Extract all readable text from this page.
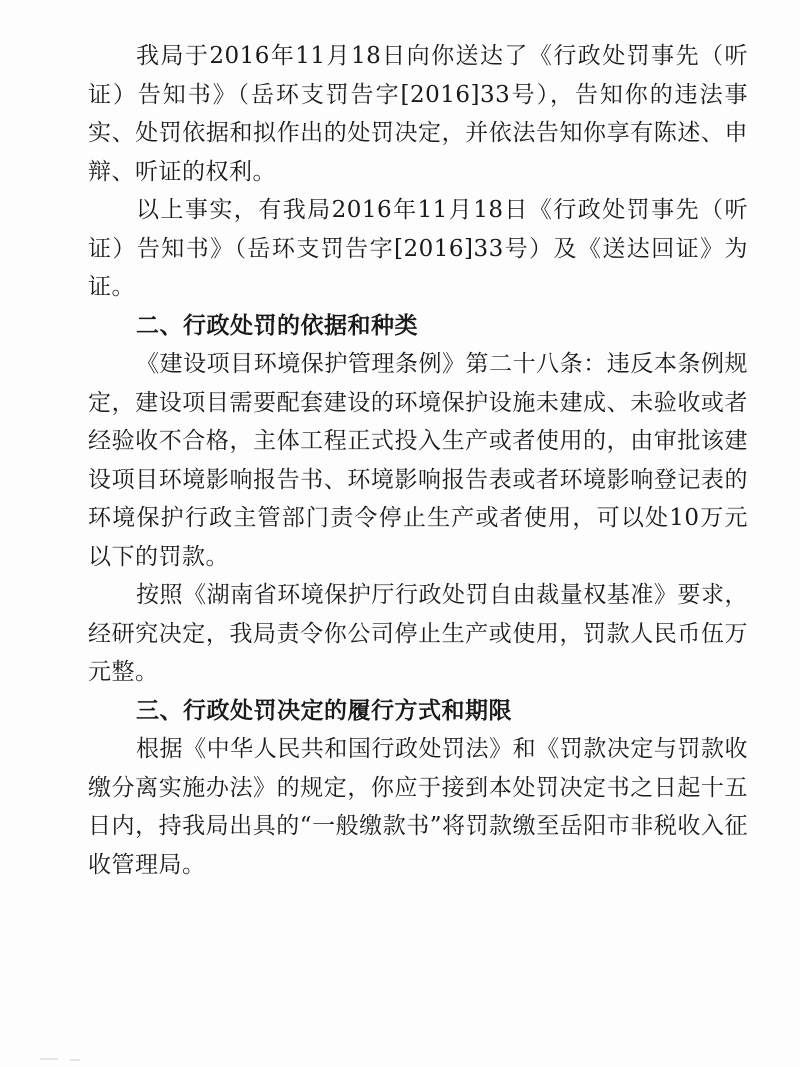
我局于2016年11月18日向你送达了《行政处罚事先（听证）告知书》（岳环支罚告字[2016]33号），告知你的违法事实、处罚依据和拟作出的处罚决定，并依法告知你享有陈述、申辩、听证的权利。

以上事实，有我局2016年11月18日《行政处罚事先（听证）告知书》（岳环支罚告字[2016]33号）及《送达回证》为证。

二、行政处罚的依据和种类

《建设项目环境保护管理条例》第二十八条：违反本条例规定，建设项目需要配套建设的环境保护设施未建成、未验收或者经验收不合格，主体工程正式投入生产或者使用的，由审批该建设项目环境影响报告书、环境影响报告表或者环境影响登记表的环境保护行政主管部门责令停止生产或者使用，可以处10万元以下的罚款。

按照《湖南省环境保护厅行政处罚自由裁量权基准》要求，经研究决定，我局责令你公司停止生产或使用，罚款人民币伍万元整。

三、行政处罚决定的履行方式和期限

根据《中华人民共和国行政处罚法》和《罚款决定与罚款收缴分离实施办法》的规定，你应于接到本处罚决定书之日起十五日内，持我局出具的“一般缴款书”将罚款缴至岳阳市非税收入征收管理局。
